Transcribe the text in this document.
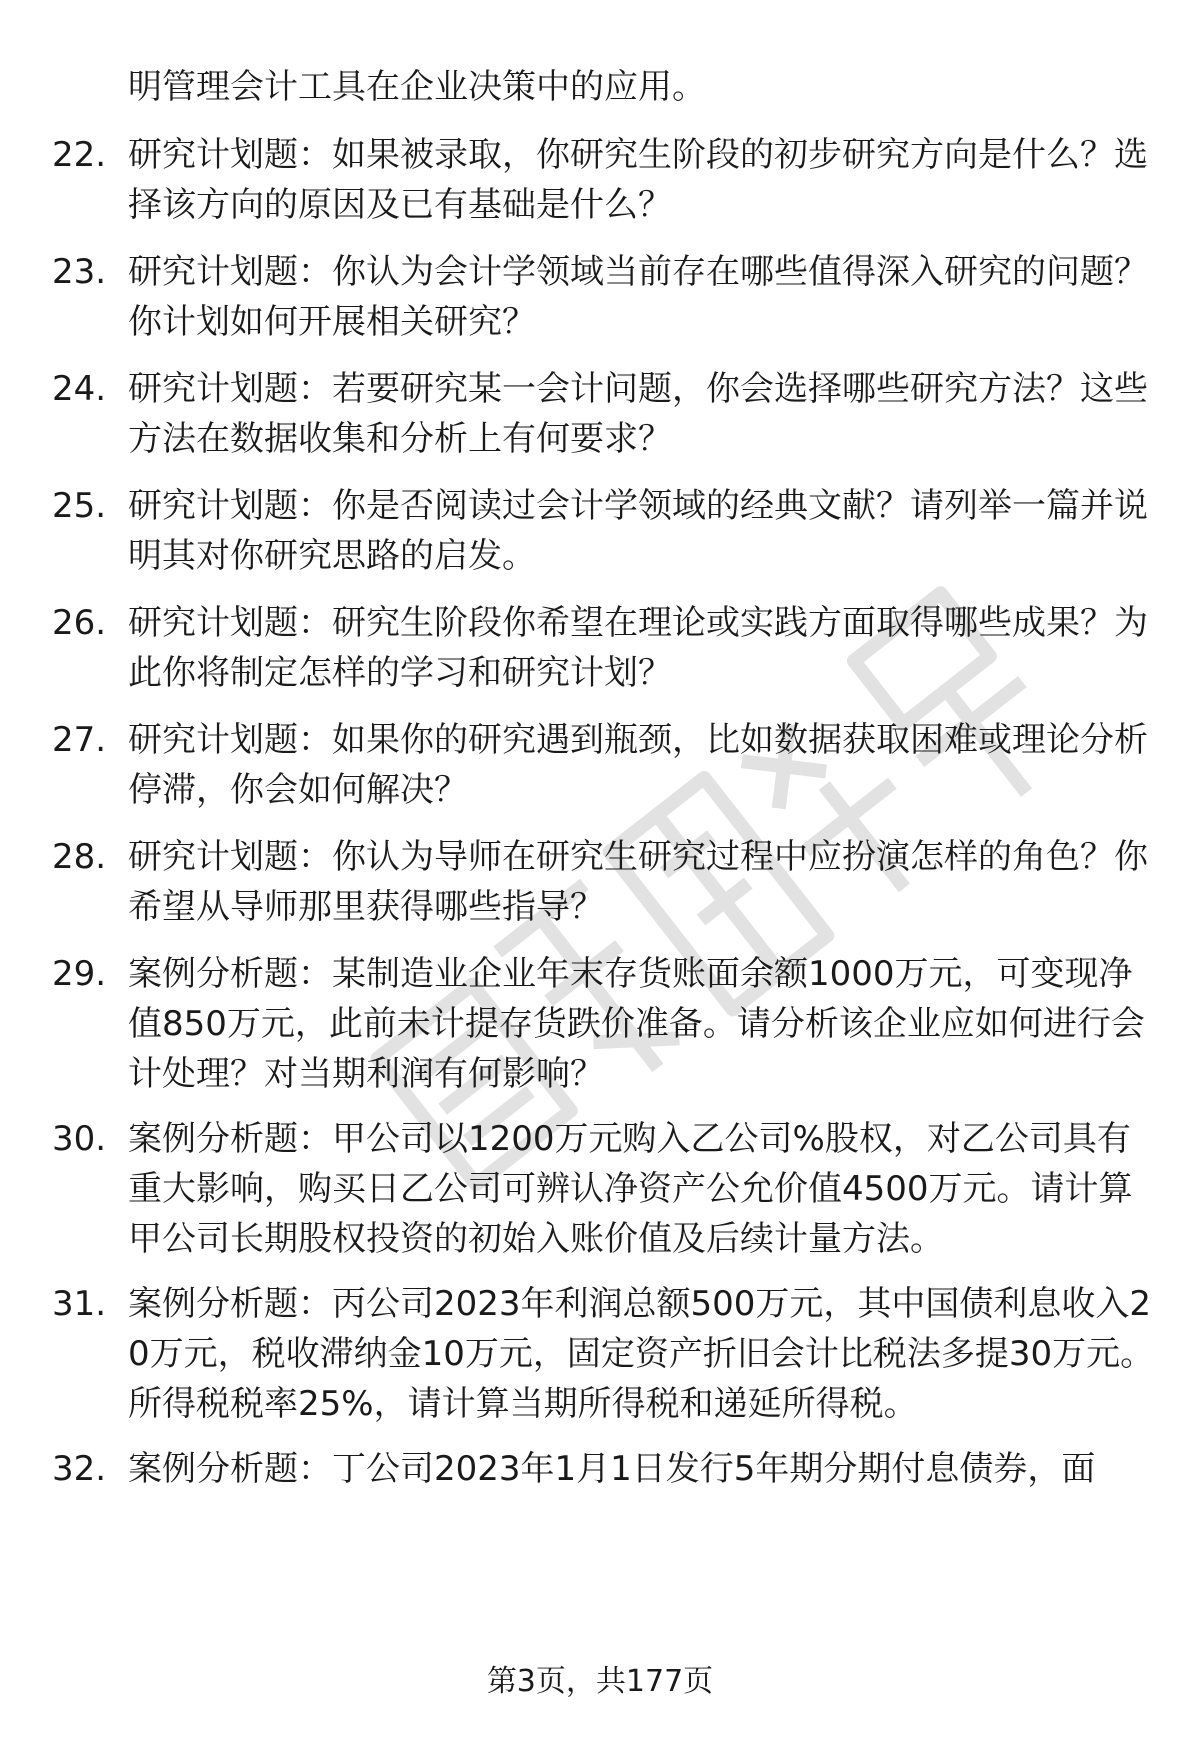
明管理会计工具在企业决策中的应用。

22. 研究计划题：如果被录取，你研究生阶段的初步研究方向是什么？选择该方向的原因及已有基础是什么？
23. 研究计划题：你认为会计学领域当前存在哪些值得深入研究的问题？你计划如何开展相关研究？
24. 研究计划题：若要研究某一会计问题，你会选择哪些研究方法？这些方法在数据收集和分析上有何要求？
25. 研究计划题：你是否阅读过会计学领域的经典文献？请列举一篇并说明其对你研究思路的启发。
26. 研究计划题：研究生阶段你希望在理论或实践方面取得哪些成果？为此你将制定怎样的学习和研究计划？
27. 研究计划题：如果你的研究遇到瓶颈，比如数据获取困难或理论分析停滞，你会如何解决？
28. 研究计划题：你认为导师在研究生研究过程中应扮演怎样的角色？你希望从导师那里获得哪些指导？
29. 案例分析题：某制造业企业年末存货账面余额1000万元，可变现净值850万元，此前未计提存货跌价准备。请分析该企业应如何进行会计处理？对当期利润有何影响？
30. 案例分析题：甲公司以1200万元购入乙公司%股权，对乙公司具有重大影响，购买日乙公司可辨认净资产公允价值4500万元。请计算甲公司长期股权投资的初始入账价值及后续计量方法。
31. 案例分析题：丙公司2023年利润总额500万元，其中国债利息收入20万元，税收滞纳金10万元，固定资产折旧会计比税法多提30万元。所得税税率25%，请计算当期所得税和递延所得税。
32. 案例分析题：丁公司2023年1月1日发行5年期分期付息债券，面
第3页，共177页
